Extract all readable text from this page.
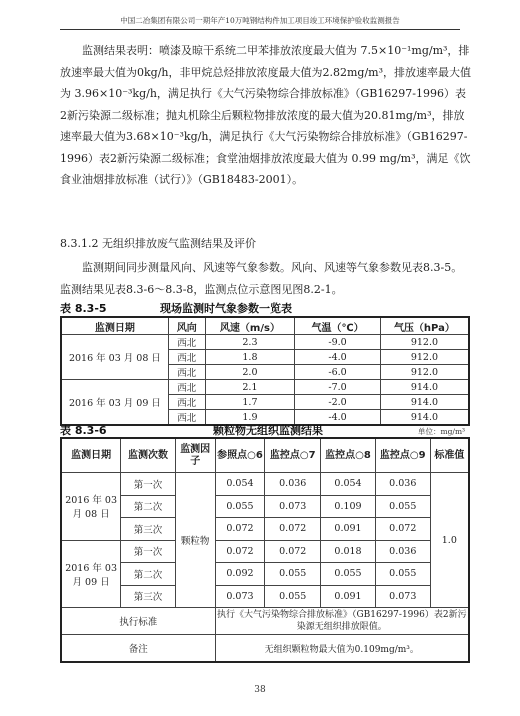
中国二冶集团有限公司一期年产10万吨钢结构件加工项目竣工环境保护验收监测报告
监测结果表明：喷漆及晾干系统二甲苯排放浓度最大值为 7.5×10⁻¹mg/m³，排放速率最大值为0kg/h，非甲烷总烃排放浓度最大值为2.82mg/m³，排放速率最大值为 3.96×10⁻³kg/h，满足执行《大气污染物综合排放标准》（GB16297-1996）表2新污染源二级标准；抛丸机除尘后颗粒物排放浓度的最大值为20.81mg/m³，排放速率最大值为3.68×10⁻³kg/h，满足执行《大气污染物综合排放标准》（GB16297-1996）表2新污染源二级标准；食堂油烟排放浓度最大值为 0.99 mg/m³，满足《饮食业油烟排放标准（试行）》（GB18483-2001）。
8.3.1.2 无组织排放废气监测结果及评价
监测期间同步测量风向、风速等气象参数。风向、风速等气象参数见表8.3-5。监测结果见表8.3-6～8.3-8，监测点位示意图见图8.2-1。
表 8.3-5	现场监测时气象参数一览表
监测日期	风向	风速（m/s）	气温（℃）	气压（hPa）
2016 年 03 月 08 日	西北	2.3	-9.0	912.0
	西北	1.8	-4.0	912.0
	西北	2.0	-6.0	912.0
2016 年 03 月 09 日	西北	2.1	-7.0	914.0
	西北	1.7	-2.0	914.0
	西北	1.9	-4.0	914.0
表 8.3-6	颗粒物无组织监测结果	单位：mg/m³
监测日期	监测次数	监测因子	参照点○6	监控点○7	监控点○8	监控点○9	标准值
2016 年 03 月 08 日	第一次	颗粒物	0.054	0.036	0.054	0.036	1.0
	第二次		0.055	0.073	0.109	0.055	
	第三次		0.072	0.072	0.091	0.072	
2016 年 03 月 09 日	第一次		0.072	0.072	0.018	0.036	
	第二次		0.092	0.055	0.055	0.055	
	第三次		0.073	0.055	0.091	0.073	
执行标准			执行《大气污染物综合排放标准》（GB16297-1996）表2新污染源无组织排放限值。				
备注			无组织颗粒物最大值为0.109mg/m³。				
38
